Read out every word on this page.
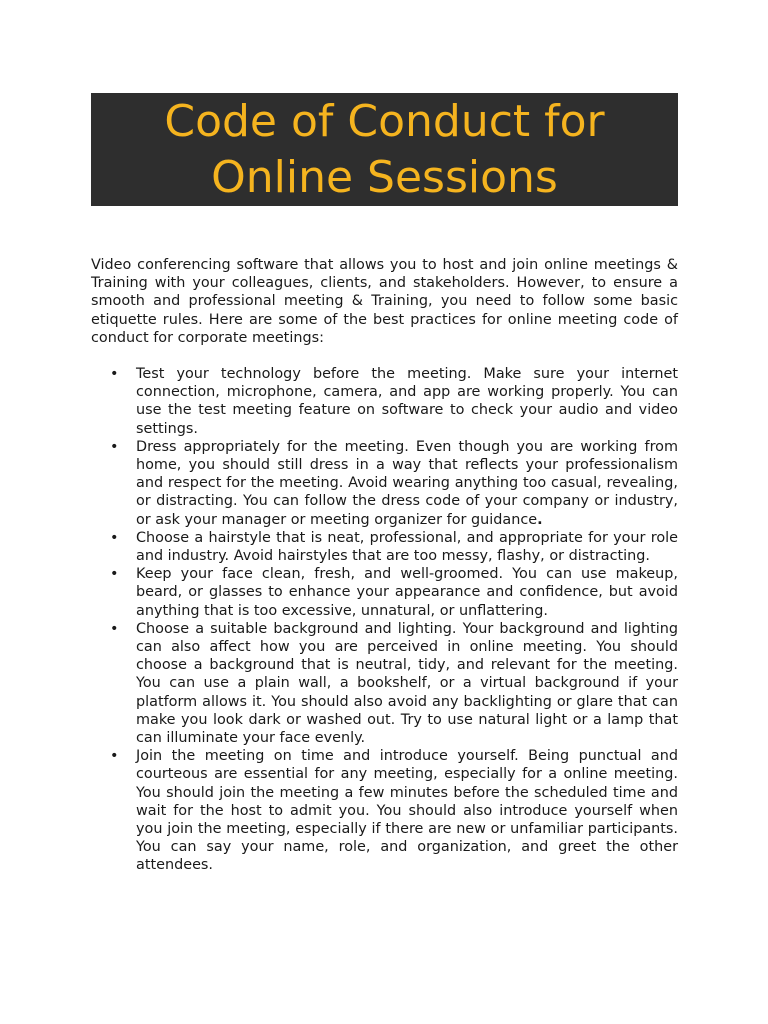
Code of Conduct for
Online Sessions

Video conferencing software that allows you to host and join online meetings & Training with your colleagues, clients, and stakeholders. However, to ensure a smooth and professional meeting & Training, you need to follow some basic etiquette rules. Here are some of the best practices for online meeting code of conduct for corporate meetings:

• Test your technology before the meeting. Make sure your internet connection, microphone, camera, and app are working properly. You can use the test meeting feature on software to check your audio and video settings.
• Dress appropriately for the meeting. Even though you are working from home, you should still dress in a way that reflects your professionalism and respect for the meeting. Avoid wearing anything too casual, revealing, or distracting. You can follow the dress code of your company or industry, or ask your manager or meeting organizer for guidance.
• Choose a hairstyle that is neat, professional, and appropriate for your role and industry. Avoid hairstyles that are too messy, flashy, or distracting.
• Keep your face clean, fresh, and well-groomed. You can use makeup, beard, or glasses to enhance your appearance and confidence, but avoid anything that is too excessive, unnatural, or unflattering.
• Choose a suitable background and lighting. Your background and lighting can also affect how you are perceived in online meeting. You should choose a background that is neutral, tidy, and relevant for the meeting. You can use a plain wall, a bookshelf, or a virtual background if your platform allows it. You should also avoid any backlighting or glare that can make you look dark or washed out. Try to use natural light or a lamp that can illuminate your face evenly.
• Join the meeting on time and introduce yourself. Being punctual and courteous are essential for any meeting, especially for a online meeting. You should join the meeting a few minutes before the scheduled time and wait for the host to admit you. You should also introduce yourself when you join the meeting, especially if there are new or unfamiliar participants. You can say your name, role, and organization, and greet the other attendees.
